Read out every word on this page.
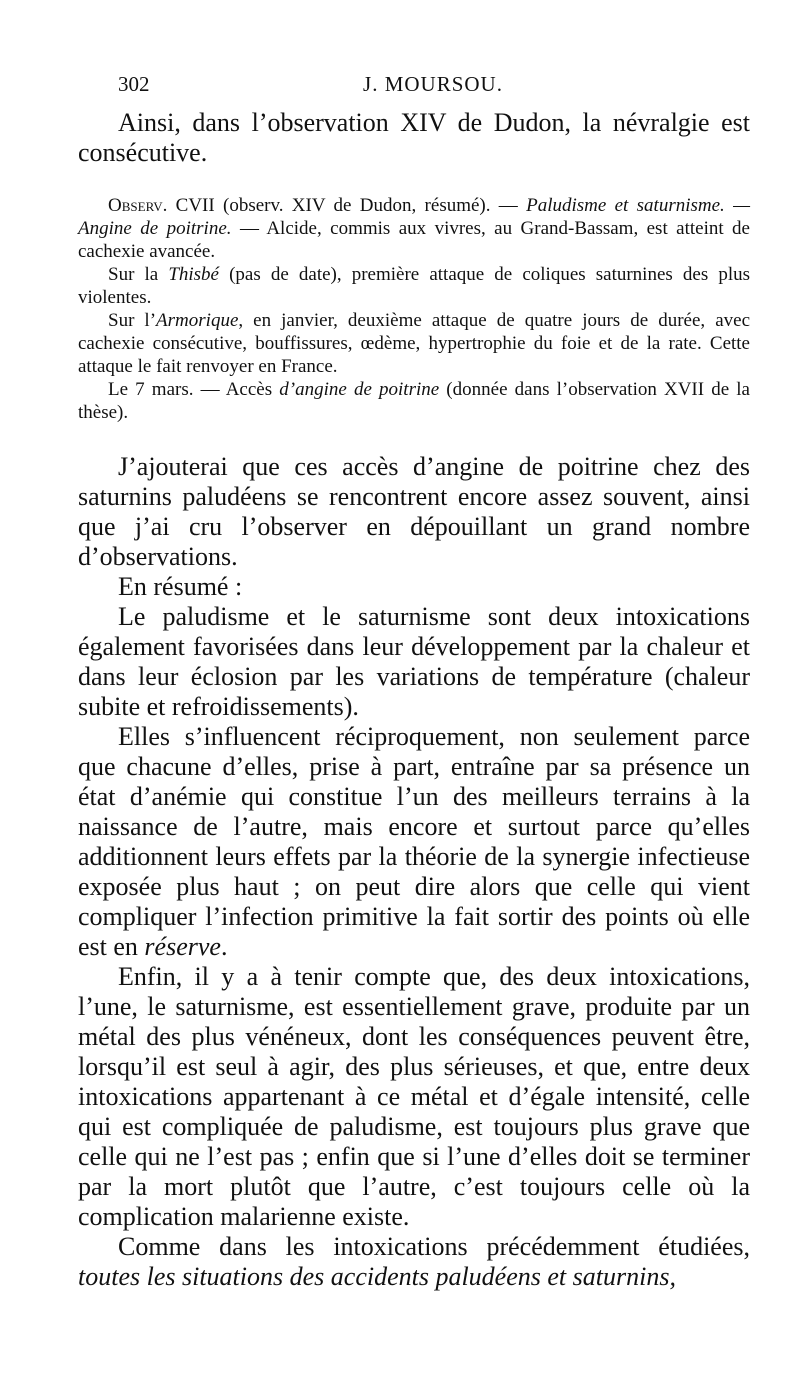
302	J. MOURSOU.

Ainsi, dans l’observation XIV de Dudon, la névralgie est consécutive.

Observ. CVII (observ. XIV de Dudon, résumé). — Paludisme et saturnisme. — Angine de poitrine. — Alcide, commis aux vivres, au Grand-Bassam, est atteint de cachexie avancée.

Sur la Thisbé (pas de date), première attaque de coliques saturnines des plus violentes.

Sur l’Armorique, en janvier, deuxième attaque de quatre jours de durée, avec cachexie consécutive, bouffissures, œdème, hypertrophie du foie et de la rate. Cette attaque le fait renvoyer en France.

Le 7 mars. — Accès d’angine de poitrine (donnée dans l’observation XVII de la thèse).

J’ajouterai que ces accès d’angine de poitrine chez des saturnins paludéens se rencontrent encore assez souvent, ainsi que j’ai cru l’observer en dépouillant un grand nombre d’observations.

En résumé :

Le paludisme et le saturnisme sont deux intoxications également favorisées dans leur développement par la chaleur et dans leur éclosion par les variations de température (chaleur subite et refroidissements).

Elles s’influencent réciproquement, non seulement parce que chacune d’elles, prise à part, entraîne par sa présence un état d’anémie qui constitue l’un des meilleurs terrains à la naissance de l’autre, mais encore et surtout parce qu’elles additionnent leurs effets par la théorie de la synergie infectieuse exposée plus haut ; on peut dire alors que celle qui vient compliquer l’infection primitive la fait sortir des points où elle est en réserve.

Enfin, il y a à tenir compte que, des deux intoxications, l’une, le saturnisme, est essentiellement grave, produite par un métal des plus vénéneux, dont les conséquences peuvent être, lorsqu’il est seul à agir, des plus sérieuses, et que, entre deux intoxications appartenant à ce métal et d’égale intensité, celle qui est compliquée de paludisme, est toujours plus grave que celle qui ne l’est pas ; enfin que si l’une d’elles doit se terminer par la mort plutôt que l’autre, c’est toujours celle où la complication malarienne existe.

Comme dans les intoxications précédemment étudiées, toutes les situations des accidents paludéens et saturnins,
